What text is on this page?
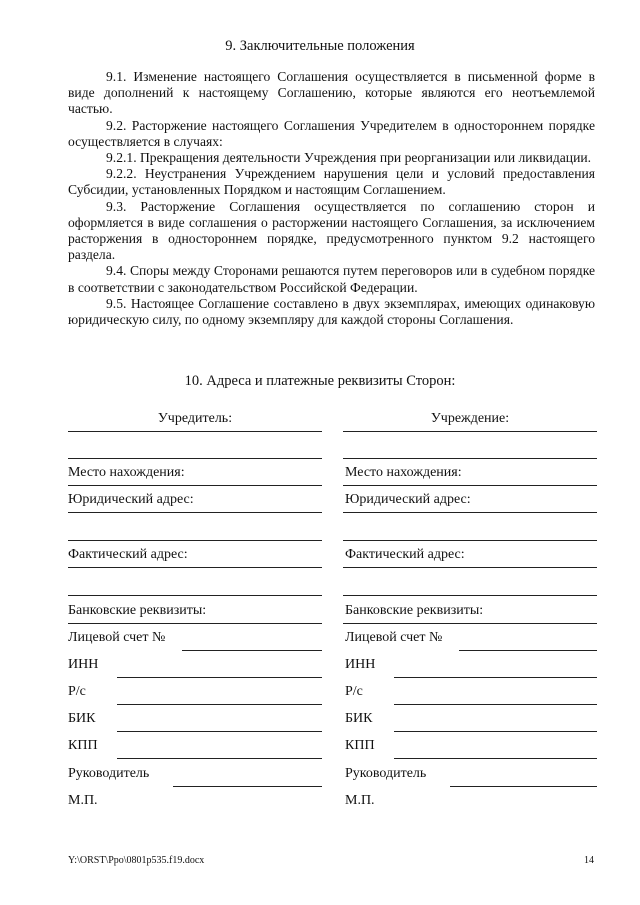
9. Заключительные положения

9.1. Изменение настоящего Соглашения осуществляется в письменной форме в виде дополнений к настоящему Соглашению, которые являются его неотъемлемой частью.

9.2. Расторжение настоящего Соглашения Учредителем в одностороннем порядке осуществляется в случаях:

9.2.1. Прекращения деятельности Учреждения при реорганизации или ликвидации.

9.2.2. Неустранения Учреждением нарушения цели и условий предоставления Субсидии, установленных Порядком и настоящим Соглашением.

9.3. Расторжение Соглашения осуществляется по соглашению сторон и оформляется в виде соглашения о расторжении настоящего Соглашения, за исключением расторжения в одностороннем порядке, предусмотренного пунктом 9.2 настоящего раздела.

9.4. Споры между Сторонами решаются путем переговоров или в судебном порядке в соответствии с законодательством Российской Федерации.

9.5. Настоящее Соглашение составлено в двух экземплярах, имеющих одинаковую юридическую силу, по одному экземпляру для каждой стороны Соглашения.

10. Адреса и платежные реквизиты Сторон:
Учредитель:
Место нахождения:
Юридический адрес:
Фактический адрес:
Банковские реквизиты:
Лицевой счет №
ИНН
Р/с
БИК
КПП
Руководитель
М.П.
Учреждение:
Место нахождения:
Юридический адрес:
Фактический адрес:
Банковские реквизиты:
Лицевой счет №
ИНН
Р/с
БИК
КПП
Руководитель
М.П.
Y:\ORST\Ppo\0801p535.f19.docx	14
